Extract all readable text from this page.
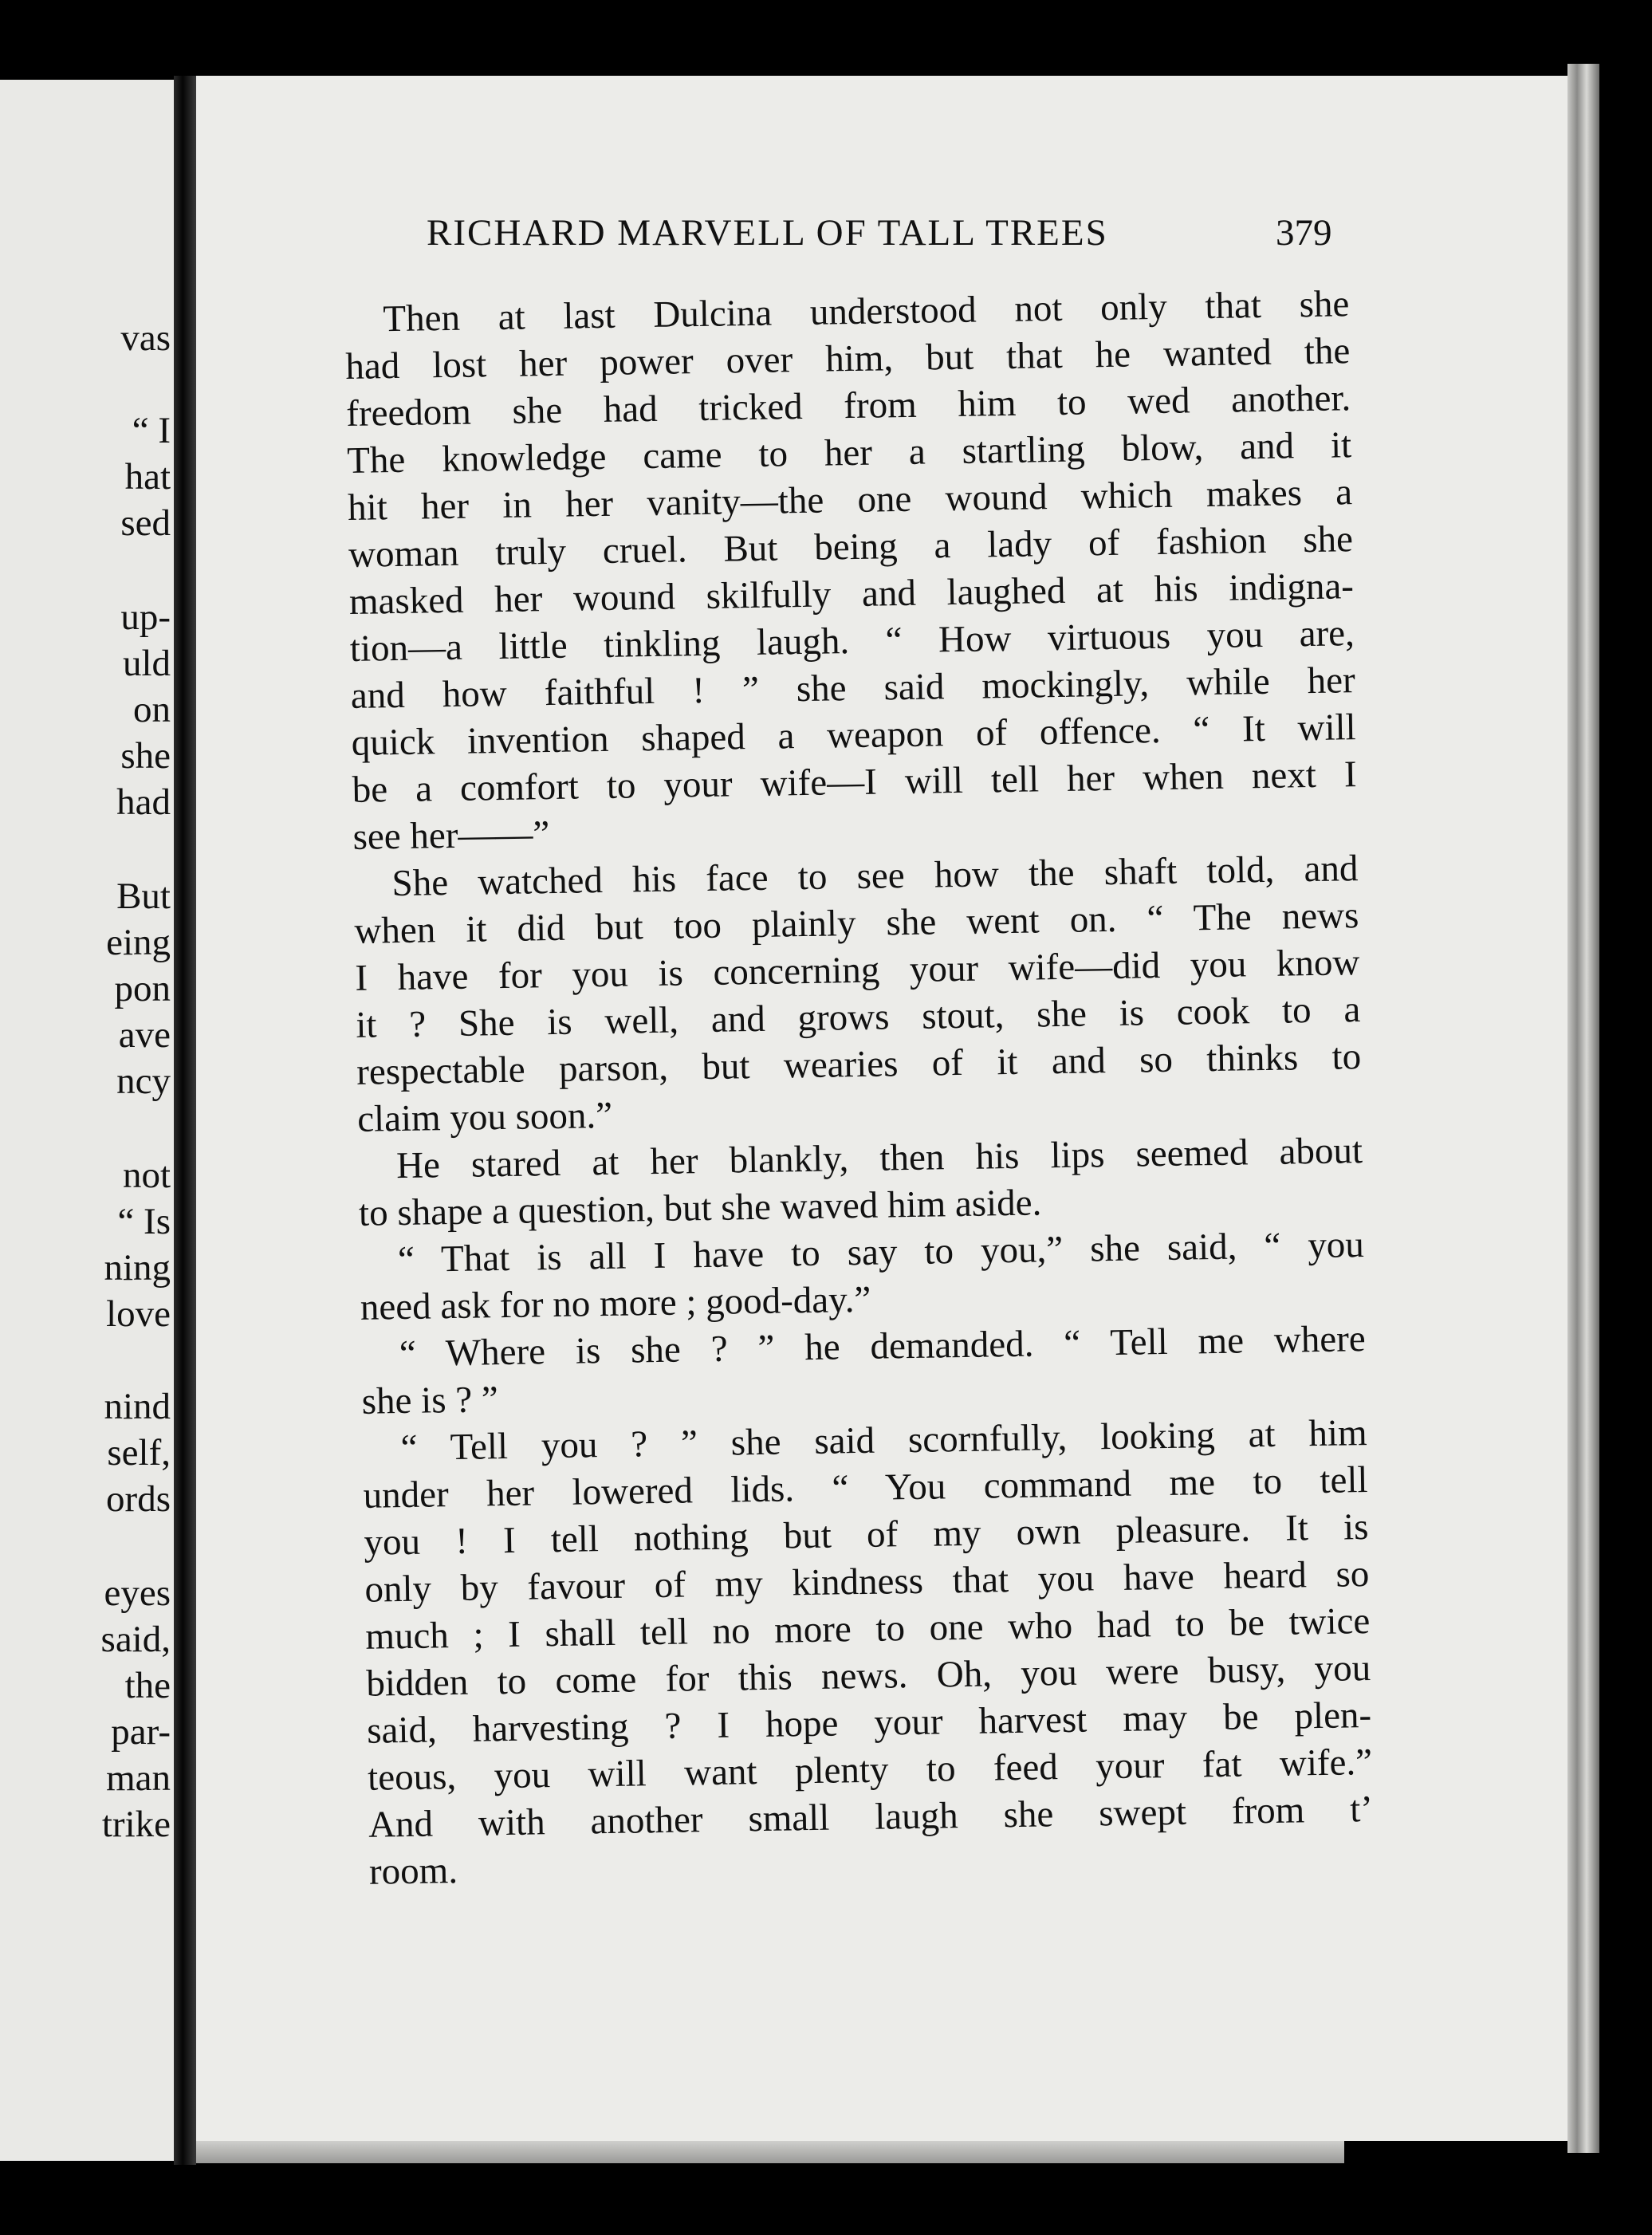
vas
“ I
hat
sed
up-
uld
on
she
had
But
eing
pon
ave
ncy
not
“ Is
ning
love
nind
self,
ords
eyes
said,
the
par-
man
trike
RICHARD MARVELL OF TALL TREES	379
Then at last Dulcina understood not only that she
had lost her power over him, but that he wanted the
freedom she had tricked from him to wed another.
The knowledge came to her a startling blow, and it
hit her in her vanity—the one wound which makes a
woman truly cruel. But being a lady of fashion she
masked her wound skilfully and laughed at his indigna-
tion—a little tinkling laugh. “ How virtuous you are,
and how faithful ! ” she said mockingly, while her
quick invention shaped a weapon of offence. “ It will
be a comfort to your wife—I will tell her when next I
see her——”
She watched his face to see how the shaft told, and
when it did but too plainly she went on. “ The news
I have for you is concerning your wife—did you know
it ? She is well, and grows stout, she is cook to a
respectable parson, but wearies of it and so thinks to
claim you soon.”
He stared at her blankly, then his lips seemed about
to shape a question, but she waved him aside.
“ That is all I have to say to you,” she said, “ you
need ask for no more ; good-day.”
“ Where is she ? ” he demanded. “ Tell me where
she is ? ”
“ Tell you ? ” she said scornfully, looking at him
under her lowered lids. “ You command me to tell
you ! I tell nothing but of my own pleasure. It is
only by favour of my kindness that you have heard so
much ; I shall tell no more to one who had to be twice
bidden to come for this news. Oh, you were busy, you
said, harvesting ? I hope your harvest may be plen-
teous, you will want plenty to feed your fat wife.”
And with another small laugh she swept from t’
room.
